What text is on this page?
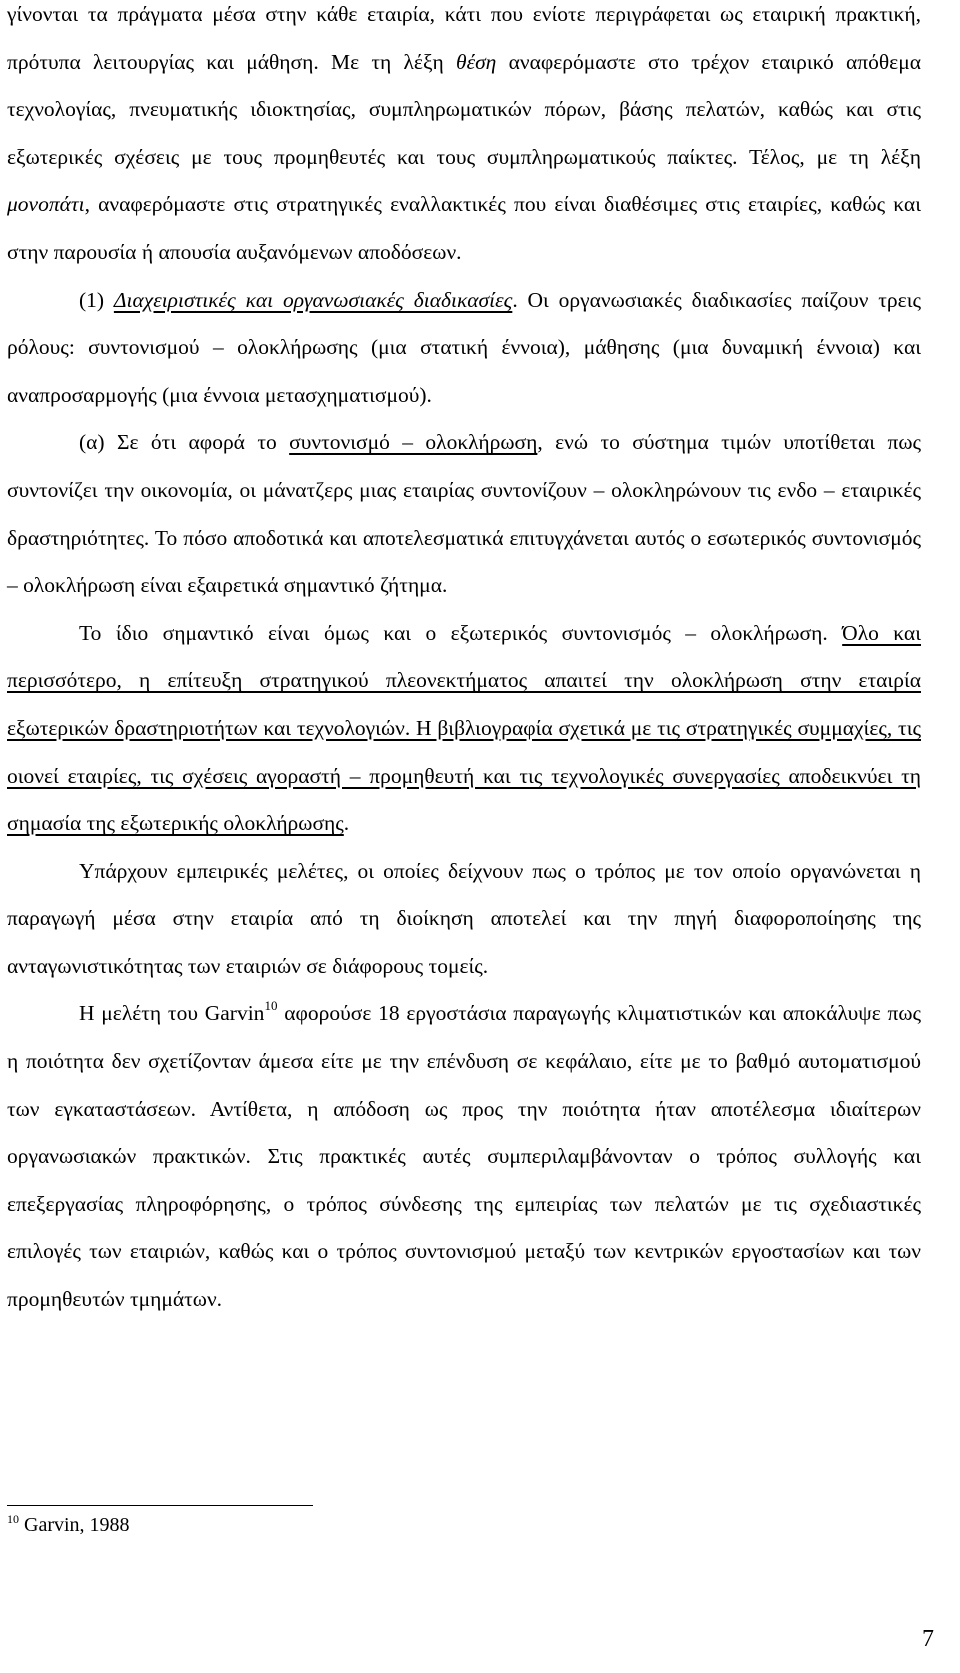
γίνονται τα πράγματα μέσα στην κάθε εταιρία, κάτι που ενίοτε περιγράφεται ως εταιρική πρακτική, πρότυπα λειτουργίας και μάθηση. Με τη λέξη θέση αναφερόμαστε στο τρέχον εταιρικό απόθεμα τεχνολογίας, πνευματικής ιδιοκτησίας, συμπληρωματικών πόρων, βάσης πελατών, καθώς και στις εξωτερικές σχέσεις με τους προμηθευτές και τους συμπληρωματικούς παίκτες. Τέλος, με τη λέξη μονοπάτι, αναφερόμαστε στις στρατηγικές εναλλακτικές που είναι διαθέσιμες στις εταιρίες, καθώς και στην παρουσία ή απουσία αυξανόμενων αποδόσεων.

(1) Διαχειριστικές και οργανωσιακές διαδικασίες. Οι οργανωσιακές διαδικασίες παίζουν τρεις ρόλους: συντονισμού – ολοκλήρωσης (μια στατική έννοια), μάθησης (μια δυναμική έννοια) και αναπροσαρμογής (μια έννοια μετασχηματισμού).

(α) Σε ότι αφορά το συντονισμό – ολοκλήρωση, ενώ το σύστημα τιμών υποτίθεται πως συντονίζει την οικονομία, οι μάνατζερς μιας εταιρίας συντονίζουν – ολοκληρώνουν τις ενδο – εταιρικές δραστηριότητες. Το πόσο αποδοτικά και αποτελεσματικά επιτυγχάνεται αυτός ο εσωτερικός συντονισμός – ολοκλήρωση είναι εξαιρετικά σημαντικό ζήτημα.

Το ίδιο σημαντικό είναι όμως και ο εξωτερικός συντονισμός – ολοκλήρωση. Όλο και περισσότερο, η επίτευξη στρατηγικού πλεονεκτήματος απαιτεί την ολοκλήρωση στην εταιρία εξωτερικών δραστηριοτήτων και τεχνολογιών. Η βιβλιογραφία σχετικά με τις στρατηγικές συμμαχίες, τις οιονεί εταιρίες, τις σχέσεις αγοραστή – προμηθευτή και τις τεχνολογικές συνεργασίες αποδεικνύει τη σημασία της εξωτερικής ολοκλήρωσης.

Υπάρχουν εμπειρικές μελέτες, οι οποίες δείχνουν πως ο τρόπος με τον οποίο οργανώνεται η παραγωγή μέσα στην εταιρία από τη διοίκηση αποτελεί και την πηγή διαφοροποίησης της ανταγωνιστικότητας των εταιριών σε διάφορους τομείς.

Η μελέτη του Garvin$^{10}$ αφορούσε 18 εργοστάσια παραγωγής κλιματιστικών και αποκάλυψε πως η ποιότητα δεν σχετίζονταν άμεσα είτε με την επένδυση σε κεφάλαιο, είτε με το βαθμό αυτοματισμού των εγκαταστάσεων. Αντίθετα, η απόδοση ως προς την ποιότητα ήταν αποτέλεσμα ιδιαίτερων οργανωσιακών πρακτικών. Στις πρακτικές αυτές συμπεριλαμβάνονταν ο τρόπος συλλογής και επεξεργασίας πληροφόρησης, ο τρόπος σύνδεσης της εμπειρίας των πελατών με τις σχεδιαστικές επιλογές των εταιριών, καθώς και ο τρόπος συντονισμού μεταξύ των κεντρικών εργοστασίων και των προμηθευτών τμημάτων.

$^{10}$ Garvin, 1988
7
